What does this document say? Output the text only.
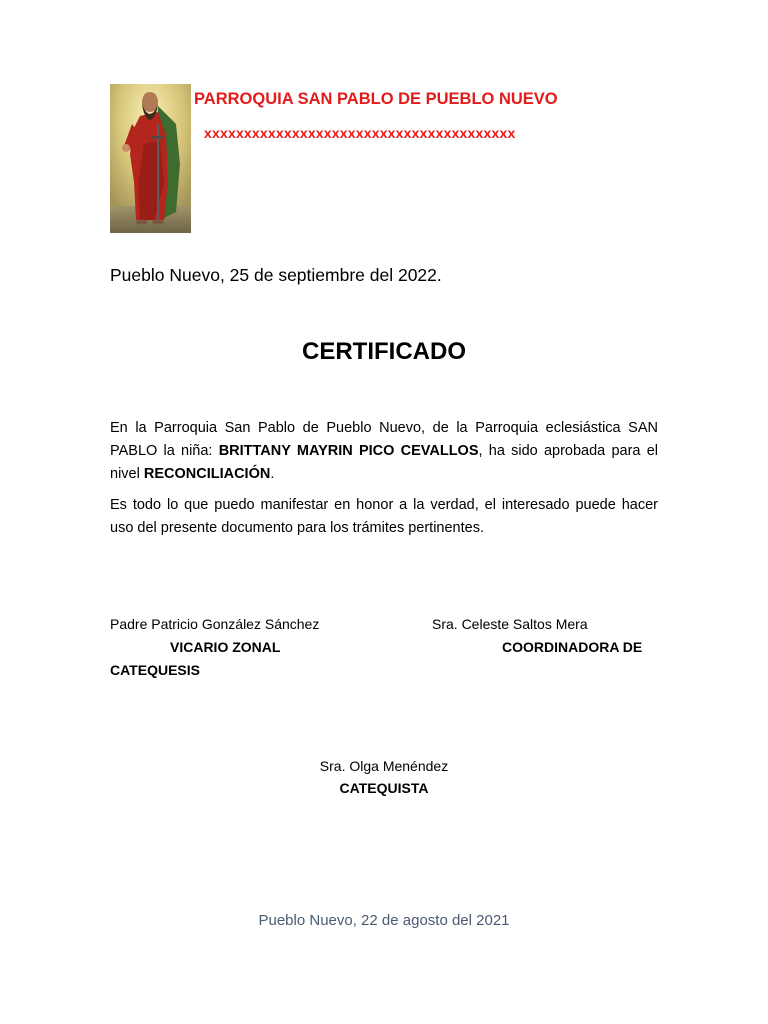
PARROQUIA SAN PABLO DE PUEBLO NUEVO
xxxxxxxxxxxxxxxxxxxxxxxxxxxxxxxxxxxxxxx
Pueblo Nuevo, 25 de septiembre del 2022.
CERTIFICADO
En la Parroquia San Pablo de Pueblo Nuevo, de la Parroquia eclesiástica SAN PABLO la niña: BRITTANY MAYRIN PICO CEVALLOS, ha sido aprobada para el nivel RECONCILIACIÓN.
Es todo lo que puedo manifestar en honor a la verdad, el interesado puede hacer uso del presente documento para los trámites pertinentes.
Padre Patricio González Sánchez
VICARIO ZONAL
CATEQUESIS
Sra. Celeste Saltos Mera
COORDINADORA DE
Sra. Olga Menéndez
CATEQUISTA
Pueblo Nuevo, 22 de agosto del 2021
